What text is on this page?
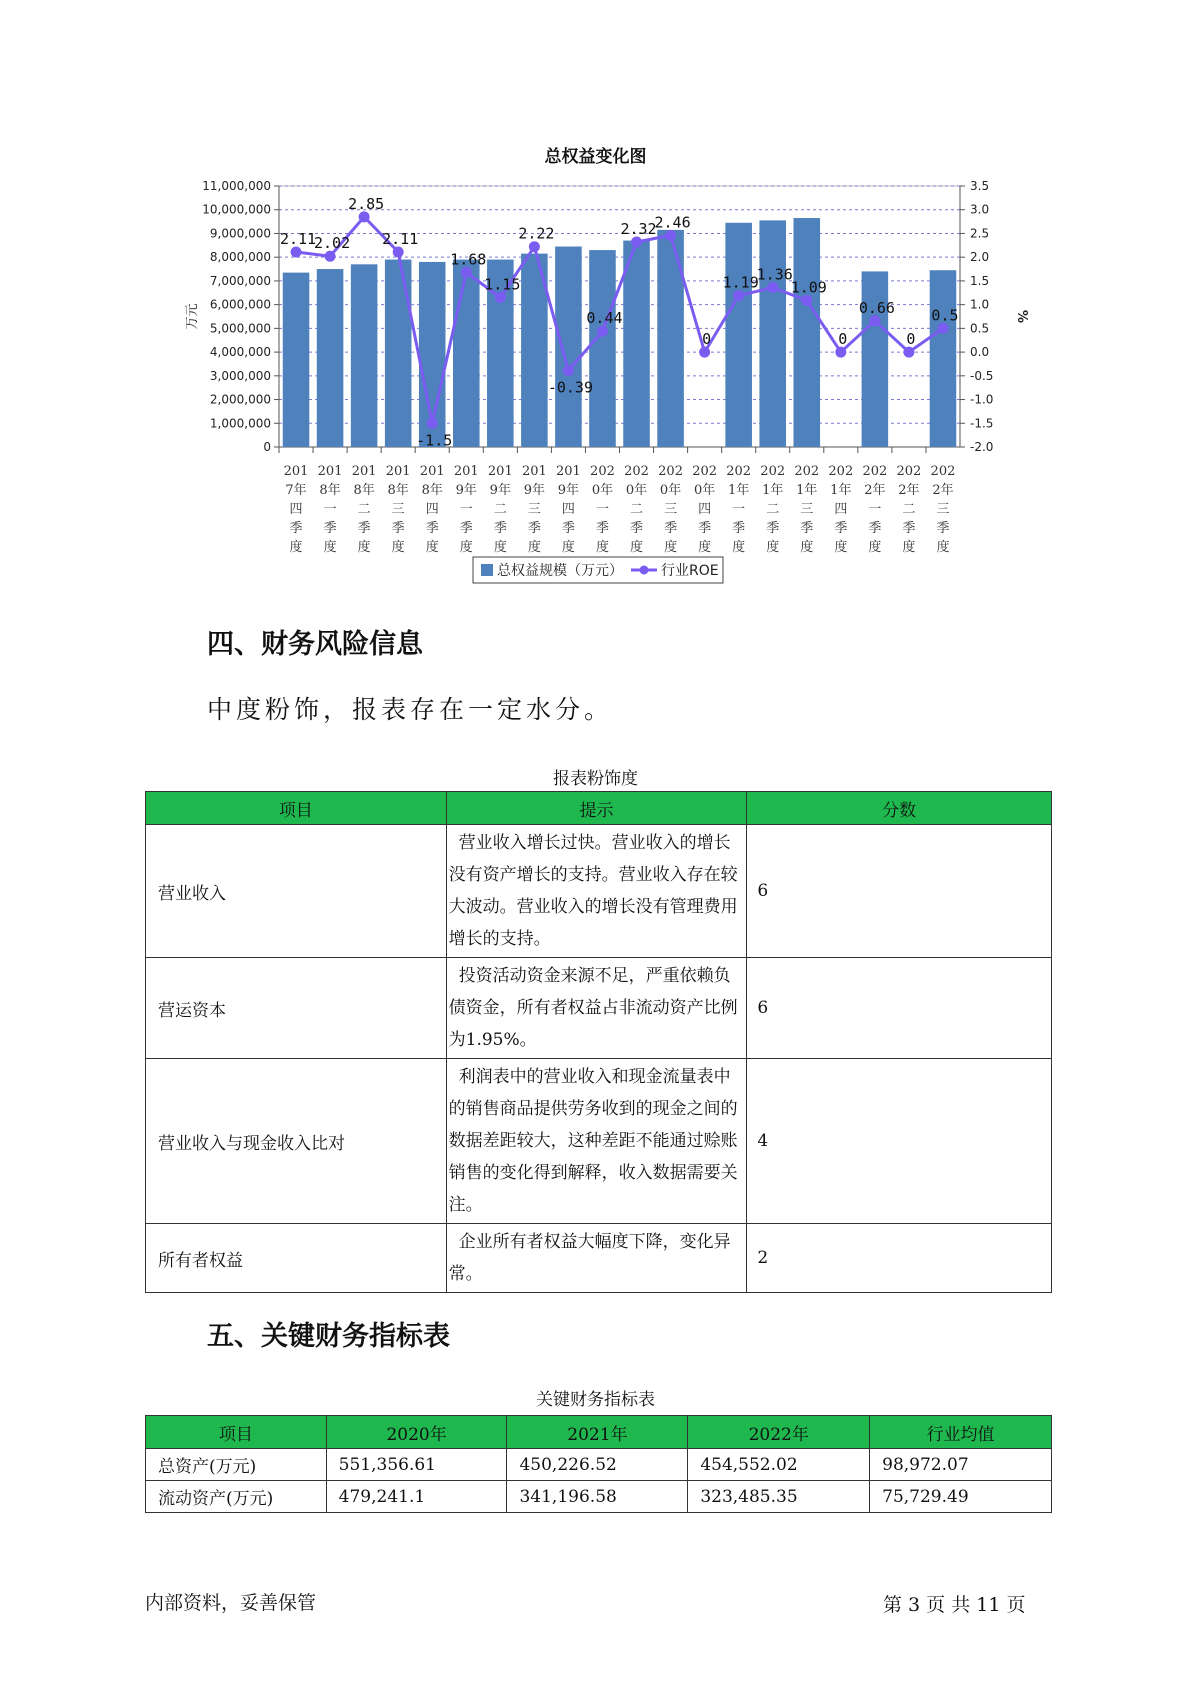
总权益变化图
0
1,000,000
2,000,000
3,000,000
4,000,000
5,000,000
6,000,000
7,000,000
8,000,000
9,000,000
10,000,000
11,000,000
-2.0
-1.5
-1.0
-0.5
0.0
0.5
1.0
1.5
2.0
2.5
3.0
3.5
万元	%
201
7年
四
季
度
201
8年
一
季
度
201
8年
二
季
度
201
8年
三
季
度
201
8年
四
季
度
201
9年
一
季
度
201
9年
二
季
度
201
9年
三
季
度
201
9年
四
季
度
202
0年
一
季
度
202
0年
二
季
度
202
0年
三
季
度
202
0年
四
季
度
202
1年
一
季
度
202
1年
二
季
度
202
1年
三
季
度
202
1年
四
季
度
202
2年
一
季
度
202
2年
二
季
度
202
2年
三
季
度
2.11
2.02
2.85
2.11
-1.5
1.68
1.15
2.22
-0.39
0.44
2.32
2.46
0
1.19
1.36
1.09
0
0.66
0
0.5
总权益规模（万元）	行业ROE
四、财务风险信息
中度粉饰，报表存在一定水分。
报表粉饰度
项目	提示	分数
营业收入	营业收入增长过快。营业收入的增长没有资产增长的支持。营业收入存在较大波动。营业收入的增长没有管理费用增长的支持。	6
营运资本	投资活动资金来源不足，严重依赖负债资金，所有者权益占非流动资产比例为1.95%。	6
营业收入与现金收入比对	利润表中的营业收入和现金流量表中的销售商品提供劳务收到的现金之间的数据差距较大，这种差距不能通过赊账销售的变化得到解释，收入数据需要关注。	4
所有者权益	企业所有者权益大幅度下降，变化异常。	2
五、关键财务指标表
关键财务指标表
项目	2020年	2021年	2022年	行业均值
总资产(万元)	551,356.61	450,226.52	454,552.02	98,972.07
流动资产(万元)	479,241.1	341,196.58	323,485.35	75,729.49
内部资料，妥善保管	第 3 页 共 11 页
